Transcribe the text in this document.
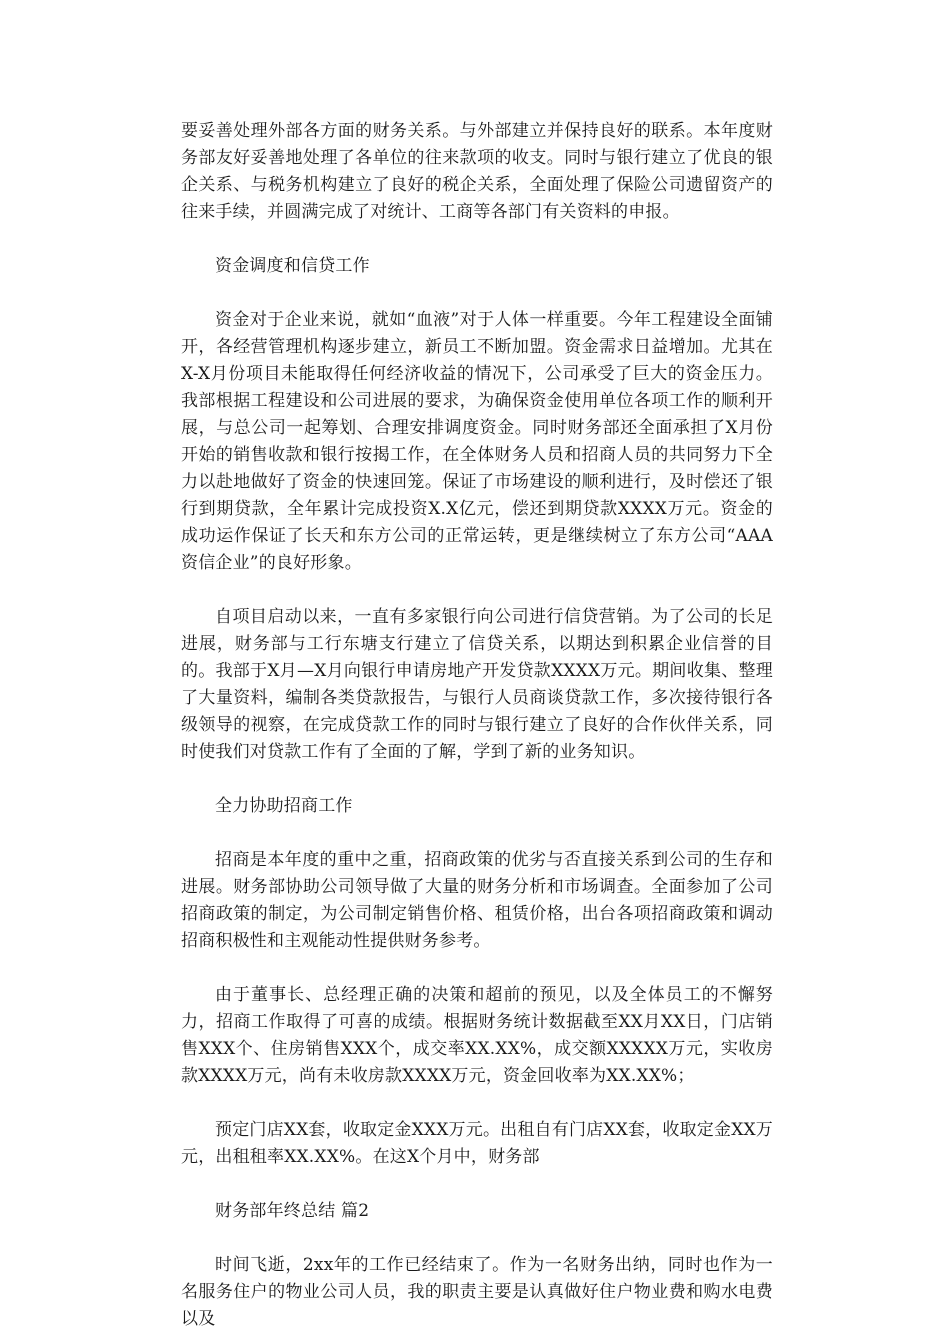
要妥善处理外部各方面的财务关系。与外部建立并保持良好的联系。本年度财务部友好妥善地处理了各单位的往来款项的收支。同时与银行建立了优良的银企关系、与税务机构建立了良好的税企关系，全面处理了保险公司遗留资产的往来手续，并圆满完成了对统计、工商等各部门有关资料的申报。

资金调度和信贷工作

资金对于企业来说，就如“血液”对于人体一样重要。今年工程建设全面铺开，各经营管理机构逐步建立，新员工不断加盟。资金需求日益增加。尤其在X-X月份项目未能取得任何经济收益的情况下，公司承受了巨大的资金压力。我部根据工程建设和公司进展的要求，为确保资金使用单位各项工作的顺利开展，与总公司一起筹划、合理安排调度资金。同时财务部还全面承担了X月份开始的销售收款和银行按揭工作，在全体财务人员和招商人员的共同努力下全力以赴地做好了资金的快速回笼。保证了市场建设的顺利进行，及时偿还了银行到期贷款，全年累计完成投资X.X亿元，偿还到期贷款XXXX万元。资金的成功运作保证了长天和东方公司的正常运转，更是继续树立了东方公司“AAA资信企业”的良好形象。

自项目启动以来，一直有多家银行向公司进行信贷营销。为了公司的长足进展，财务部与工行东塘支行建立了信贷关系，以期达到积累企业信誉的目的。我部于X月—X月向银行申请房地产开发贷款XXXX万元。期间收集、整理了大量资料，编制各类贷款报告，与银行人员商谈贷款工作，多次接待银行各级领导的视察，在完成贷款工作的同时与银行建立了良好的合作伙伴关系，同时使我们对贷款工作有了全面的了解，学到了新的业务知识。

全力协助招商工作

招商是本年度的重中之重，招商政策的优劣与否直接关系到公司的生存和进展。财务部协助公司领导做了大量的财务分析和市场调查。全面参加了公司招商政策的制定，为公司制定销售价格、租赁价格，出台各项招商政策和调动招商积极性和主观能动性提供财务参考。

由于董事长、总经理正确的决策和超前的预见，以及全体员工的不懈努力，招商工作取得了可喜的成绩。根据财务统计数据截至XX月XX日，门店销售XXX个、住房销售XXX个，成交率XX.XX%，成交额XXXXX万元，实收房款XXXX万元，尚有未收房款XXXX万元，资金回收率为XX.XX%；

预定门店XX套，收取定金XXX万元。出租自有门店XX套，收取定金XX万元，出租租率XX.XX%。在这X个月中，财务部

财务部年终总结 篇2

时间飞逝，2xx年的工作已经结束了。作为一名财务出纳，同时也作为一名服务住户的物业公司人员，我的职责主要是认真做好住户物业费和购水电费以及
